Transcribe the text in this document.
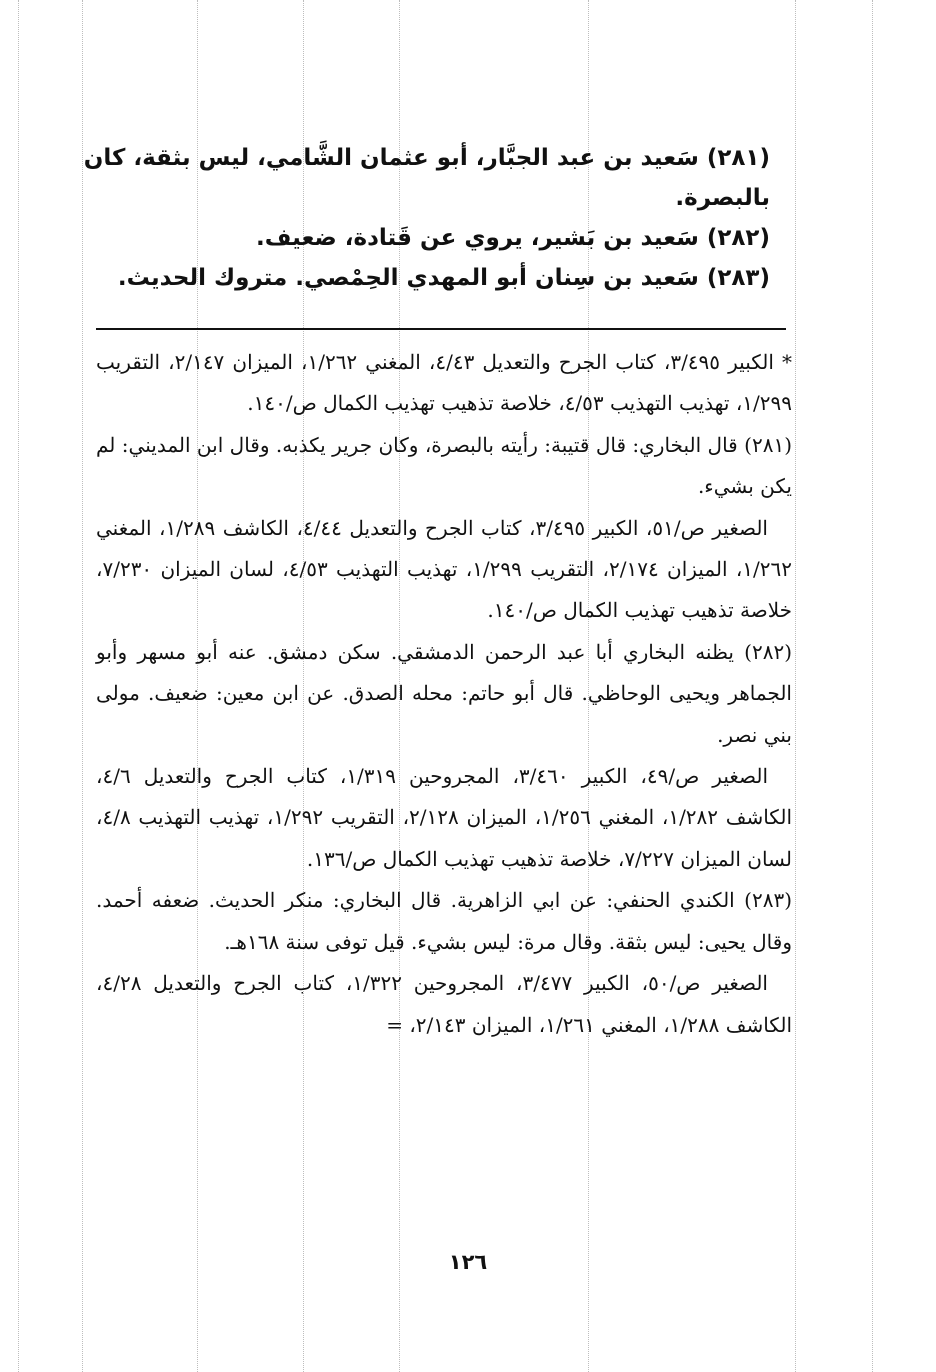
(٢٨١) سَعيد بن عبد الجبَّار، أبو عثمان الشَّامي، ليس بثقة، كان

بالبصرة.

(٢٨٢) سَعيد بن بَشير، يروي عن قَتادة، ضعيف.

(٢٨٣) سَعيد بن سِنان أبو المهدي الحِمْصي. متروك الحديث.

* الكبير ٣/٤٩٥، كتاب الجرح والتعديل ٤/٤٣، المغني ١/٢٦٢، الميزان ٢/١٤٧، التقريب ١/٢٩٩، تهذيب التهذيب ٤/٥٣، خلاصة تذهيب تهذيب الكمال ص/١٤٠.

(٢٨١) قال البخاري: قال قتيبة: رأيته بالبصرة، وكان جرير يكذبه. وقال ابن المديني: لم يكن بشيء.

الصغير ص/٥١، الكبير ٣/٤٩٥، كتاب الجرح والتعديل ٤/٤٤، الكاشف ١/٢٨٩، المغني ١/٢٦٢، الميزان ٢/١٧٤، التقريب ١/٢٩٩، تهذيب التهذيب ٤/٥٣، لسان الميزان ٧/٢٣٠، خلاصة تذهيب تهذيب الكمال ص/١٤٠.

(٢٨٢) يظنه البخاري أبا عبد الرحمن الدمشقي. سكن دمشق. عنه أبو مسهر وأبو الجماهر ويحيى الوحاظي. قال أبو حاتم: محله الصدق. عن ابن معين: ضعيف. مولى بني نصر.

الصغير ص/٤٩، الكبير ٣/٤٦٠، المجروحين ١/٣١٩، كتاب الجرح والتعديل ٤/٦، الكاشف ١/٢٨٢، المغني ١/٢٥٦، الميزان ٢/١٢٨، التقريب ١/٢٩٢، تهذيب التهذيب ٤/٨، لسان الميزان ٧/٢٢٧، خلاصة تذهيب تهذيب الكمال ص/١٣٦.

(٢٨٣) الكندي الحنفي: عن ابي الزاهرية. قال البخاري: منكر الحديث. ضعفه أحمد. وقال يحيى: ليس بثقة. وقال مرة: ليس بشيء. قيل توفى سنة ١٦٨هـ.

الصغير ص/٥٠، الكبير ٣/٤٧٧، المجروحين ١/٣٢٢، كتاب الجرح والتعديل ٤/٢٨، الكاشف ١/٢٨٨، المغني ١/٢٦١، الميزان ٢/١٤٣، =

١٢٦
